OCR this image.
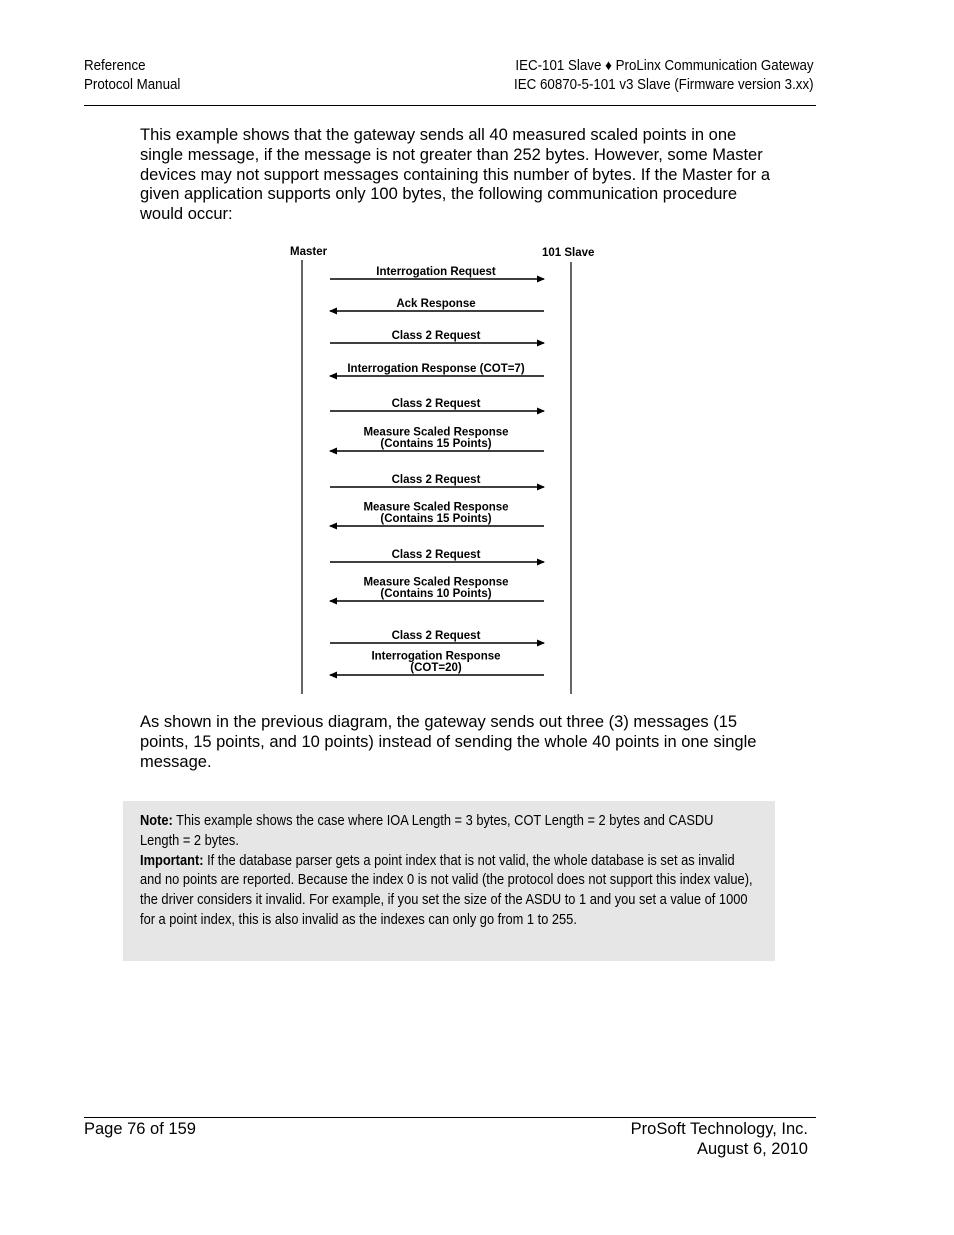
Reference
Protocol Manual
IEC-101 Slave ♦ ProLinx Communication Gateway
IEC 60870-5-101 v3 Slave (Firmware version 3.xx)
This example shows that the gateway sends all 40 measured scaled points in one single message, if the message is not greater than 252 bytes. However, some Master devices may not support messages containing this number of bytes. If the Master for a given application supports only 100 bytes, the following communication procedure would occur:
Master	101 Slave
Interrogation Request
Ack Response
Class 2 Request
Interrogation Response (COT=7)
Class 2 Request
Measure Scaled Response
(Contains 15 Points)
Class 2 Request
Measure Scaled Response
(Contains 15 Points)
Class 2 Request
Measure Scaled Response
(Contains 10 Points)
Class 2 Request
Interrogation Response
(COT=20)
As shown in the previous diagram, the gateway sends out three (3) messages (15 points, 15 points, and 10 points) instead of sending the whole 40 points in one single message.
Note: This example shows the case where IOA Length = 3 bytes, COT Length = 2 bytes and CASDU Length = 2 bytes.
Important: If the database parser gets a point index that is not valid, the whole database is set as invalid and no points are reported. Because the index 0 is not valid (the protocol does not support this index value), the driver considers it invalid. For example, if you set the size of the ASDU to 1 and you set a value of 1000 for a point index, this is also invalid as the indexes can only go from 1 to 255.
Page 76 of 159	ProSoft Technology, Inc.
August 6, 2010
